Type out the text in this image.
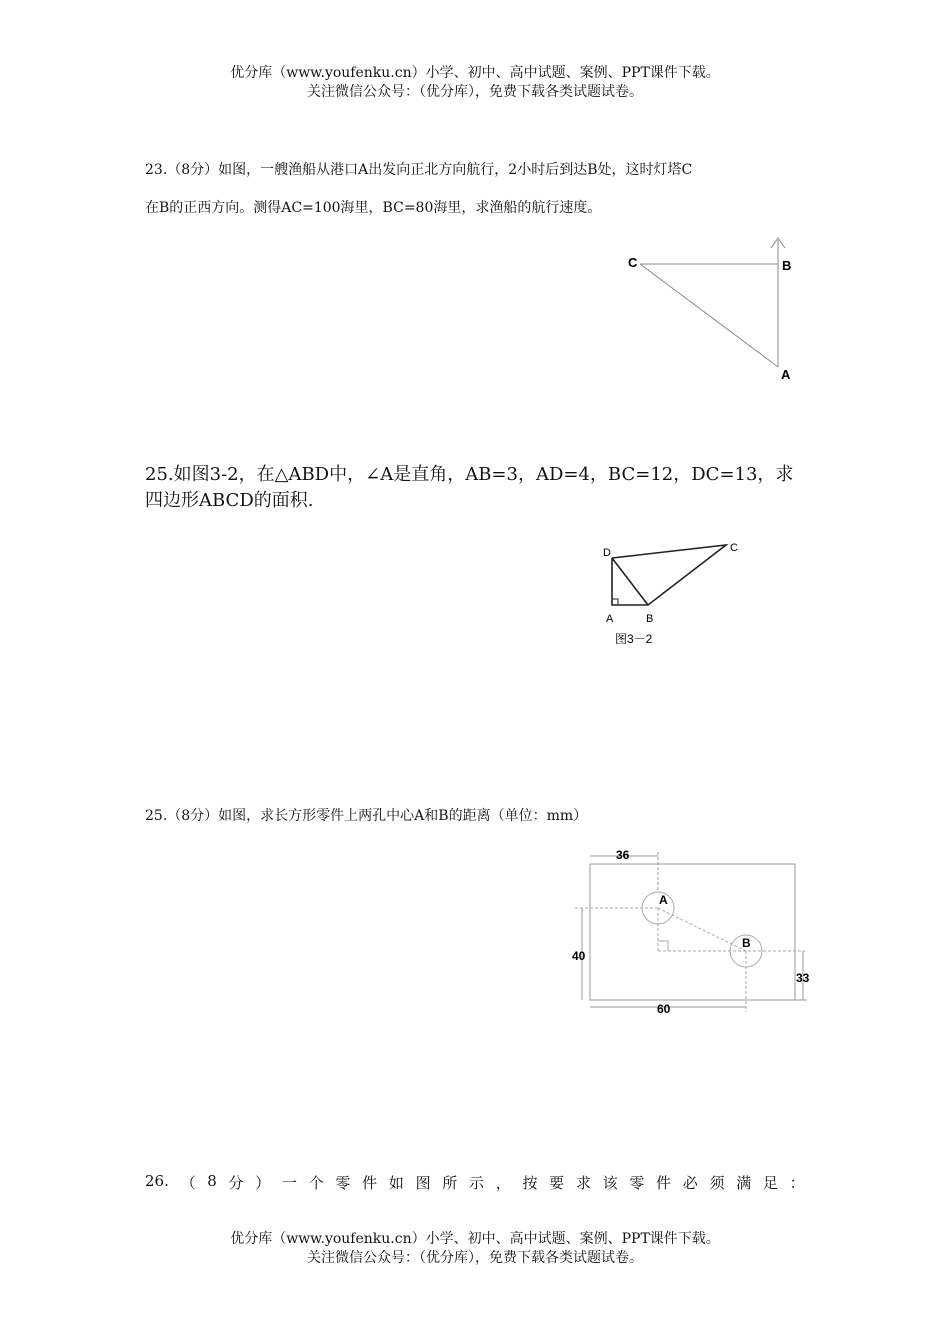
优分库（www.youfenku.cn）小学、初中、高中试题、案例、PPT课件下载。
关注微信公众号：（优分库），免费下载各类试题试卷。
23.（8分）如图，一艘渔船从港口A出发向正北方向航行，2小时后到达B处，这时灯塔C
在B的正西方向。测得AC=100海里，BC=80海里，求渔船的航行速度。
C	B
A
25.如图3-2，在△ABD中，∠A是直角，AB=3，AD=4，BC=12，DC=13，求
四边形ABCD的面积.
D	C
A	B
图3－2
25.（8分）如图，求长方形零件上两孔中心A和B的距离（单位：mm）
36
A
B
40
60
33
26. （ 8 分 ） 一 个 零 件 如 图 所 示 ， 按 要 求 该 零 件 必 须 满 足 ：
优分库（www.youfenku.cn）小学、初中、高中试题、案例、PPT课件下载。
关注微信公众号：（优分库），免费下载各类试题试卷。
